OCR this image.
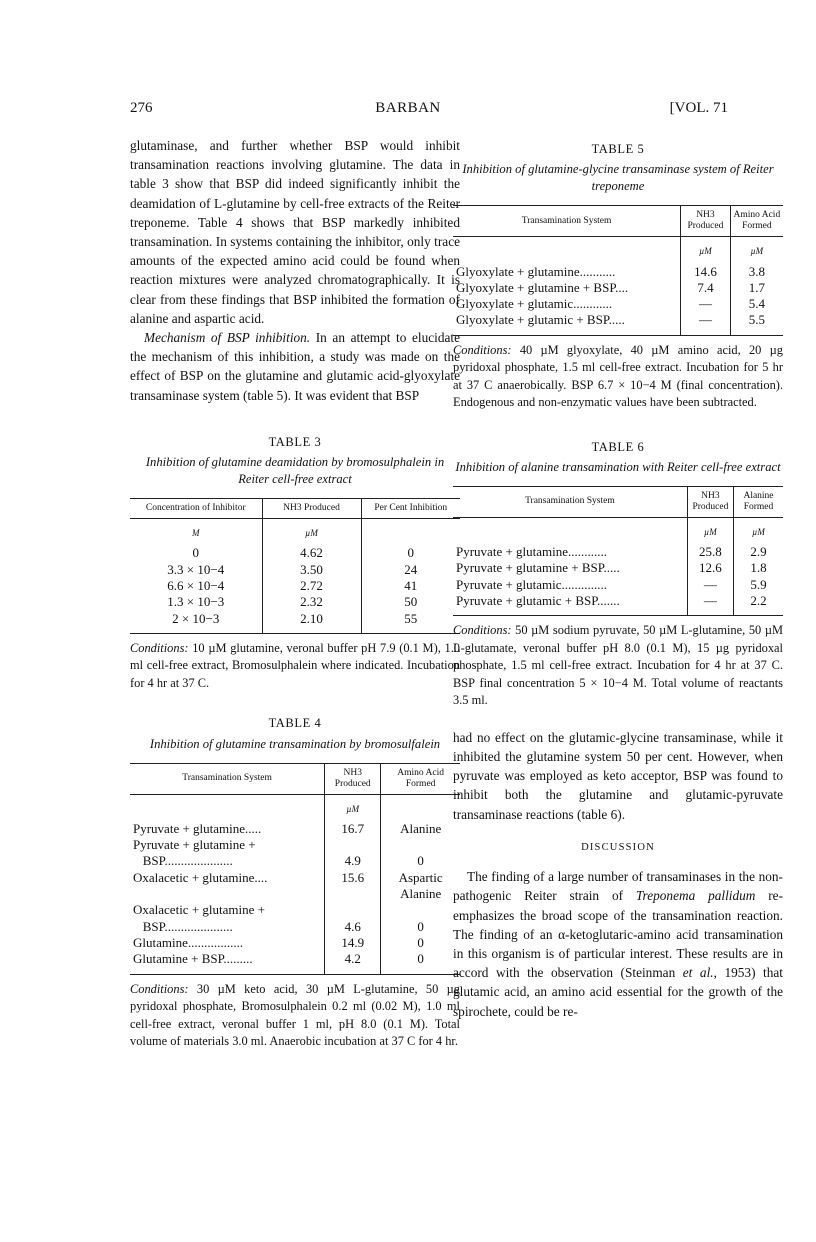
276	BARBAN	[VOL. 71

glutaminase, and further whether BSP would inhibit transamination reactions involving glutamine. The data in table 3 show that BSP did indeed significantly inhibit the deamidation of L-glutamine by cell-free extracts of the Reiter treponeme. Table 4 shows that BSP markedly inhibited transamination. In systems containing the inhibitor, only trace amounts of the expected amino acid could be found when reaction mixtures were analyzed chromatographically. It is clear from these findings that BSP inhibited the formation of alanine and aspartic acid.

Mechanism of BSP inhibition. In an attempt to elucidate the mechanism of this inhibition, a study was made on the effect of BSP on the glutamine and glutamic acid-glyoxylate transaminase system (table 5). It was evident that BSP

TABLE 3

Inhibition of glutamine deamidation by bromosulphalein in Reiter cell-free extract

Concentration of Inhibitor	NH3 Produced	Per Cent Inhibition
M	µM	
0	4.62	0
3.3 × 10−4	3.50	24
6.6 × 10−4	2.72	41
1.3 × 10−3	2.32	50
2 × 10−3	2.10	55

Conditions: 10 µM glutamine, veronal buffer pH 7.9 (0.1 M), 1.0 ml cell-free extract, Bromosulphalein where indicated. Incubation for 4 hr at 37 C.

TABLE 4

Inhibition of glutamine transamination by bromosulfalein

Transamination System	NH3 Produced	Amino Acid Formed
	µM	
Pyruvate + glutamine.....	16.7	Alanine
Pyruvate + glutamine +		
BSP.....................	4.9	0
Oxalacetic + glutamine....	15.6	Aspartic
		Alanine
Oxalacetic + glutamine +		
BSP.....................	4.6	0
Glutamine.................	14.9	0
Glutamine + BSP.........	4.2	0

Conditions: 30 µM keto acid, 30 µM L-glutamine, 50 µg pyridoxal phosphate, Bromosulphalein 0.2 ml (0.02 M), 1.0 ml cell-free extract, veronal buffer 1 ml, pH 8.0 (0.1 M). Total volume of materials 3.0 ml. Anaerobic incubation at 37 C for 4 hr.

TABLE 5

Inhibition of glutamine-glycine transaminase system of Reiter treponeme

Transamination System	NH3 Produced	Amino Acid Formed
	µM	µM
Glyoxylate + glutamine...........	14.6	3.8
Glyoxylate + glutamine + BSP....	7.4	1.7
Glyoxylate + glutamic............	—	5.4
Glyoxylate + glutamic + BSP.....	—	5.5

Conditions: 40 µM glyoxylate, 40 µM amino acid, 20 µg pyridoxal phosphate, 1.5 ml cell-free extract. Incubation for 5 hr at 37 C anaerobically. BSP 6.7 × 10−4 M (final concentration). Endogenous and non-enzymatic values have been subtracted.

TABLE 6

Inhibition of alanine transamination with Reiter cell-free extract

Transamination System	NH3 Produced	Alanine Formed
	µM	µM
Pyruvate + glutamine............	25.8	2.9
Pyruvate + glutamine + BSP.....	12.6	1.8
Pyruvate + glutamic..............	—	5.9
Pyruvate + glutamic + BSP.......	—	2.2

Conditions: 50 µM sodium pyruvate, 50 µM L-glutamine, 50 µM L-glutamate, veronal buffer pH 8.0 (0.1 M), 15 µg pyridoxal phosphate, 1.5 ml cell-free extract. Incubation for 4 hr at 37 C. BSP final concentration 5 × 10−4 M. Total volume of reactants 3.5 ml.

had no effect on the glutamic-glycine transaminase, while it inhibited the glutamine system 50 per cent. However, when pyruvate was employed as keto acceptor, BSP was found to inhibit both the glutamine and glutamic-pyruvate transaminase reactions (table 6).

DISCUSSION

The finding of a large number of transaminases in the non-pathogenic Reiter strain of Treponema pallidum re-emphasizes the broad scope of the transamination reaction. The finding of an α-ketoglutaric-amino acid transamination in this organism is of particular interest. These results are in accord with the observation (Steinman et al., 1953) that glutamic acid, an amino acid essential for the growth of the spirochete, could be re-
